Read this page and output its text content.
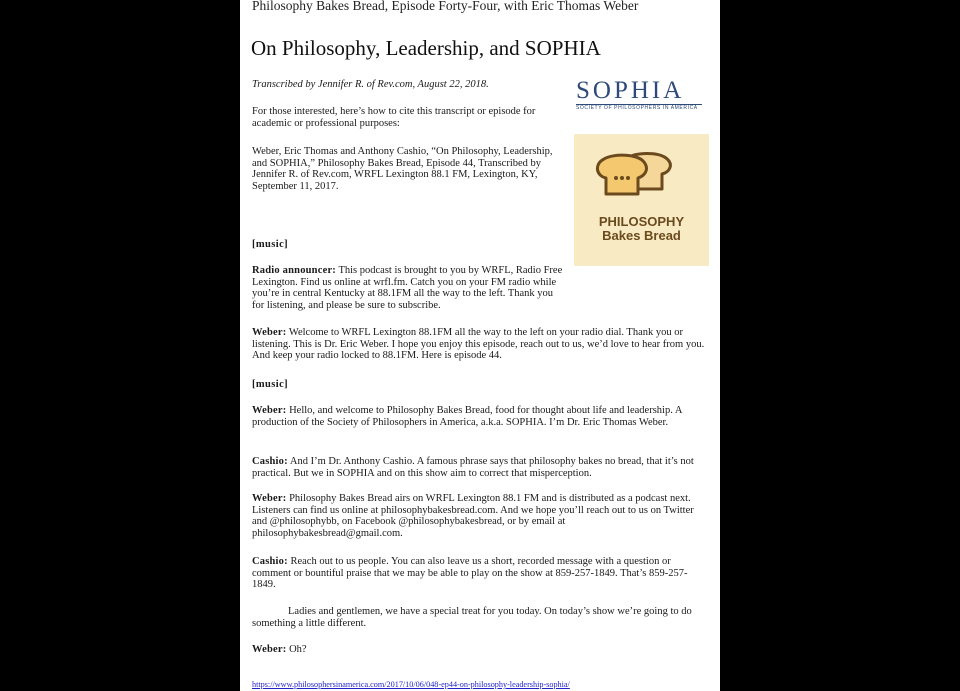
Philosophy Bakes Bread, Episode Forty-Four, with Eric Thomas Weber
On Philosophy, Leadership, and SOPHIA
Transcribed by Jennifer R. of Rev.com, August 22, 2018.
For those interested, here’s how to cite this transcript or episode for academic or professional purposes:
Weber, Eric Thomas and Anthony Cashio, “On Philosophy, Leadership, and SOPHIA,” Philosophy Bakes Bread, Episode 44, Transcribed by Jennifer R. of Rev.com, WRFL Lexington 88.1 FM, Lexington, KY, September 11, 2017.
SOPHIA
SOCIETY OF PHILOSOPHERS IN AMERICA
PHILOSOPHY
Bakes Bread
[music]
Radio announcer: This podcast is brought to you by WRFL, Radio Free Lexington. Find us online at wrfl.fm. Catch you on your FM radio while you’re in central Kentucky at 88.1FM all the way to the left. Thank you for listening, and please be sure to subscribe.
Weber: Welcome to WRFL Lexington 88.1FM all the way to the left on your radio dial. Thank you or listening. This is Dr. Eric Weber. I hope you enjoy this episode, reach out to us, we’d love to hear from you. And keep your radio locked to 88.1FM. Here is episode 44.
[music]
Weber: Hello, and welcome to Philosophy Bakes Bread, food for thought about life and leadership. A production of the Society of Philosophers in America, a.k.a. SOPHIA. I’m Dr. Eric Thomas Weber.
Cashio: And I’m Dr. Anthony Cashio. A famous phrase says that philosophy bakes no bread, that it’s not practical. But we in SOPHIA and on this show aim to correct that misperception.
Weber: Philosophy Bakes Bread airs on WRFL Lexington 88.1 FM and is distributed as a podcast next. Listeners can find us online at philosophybakesbread.com. And we hope you’ll reach out to us on Twitter and @philosophybb, on Facebook @philosophybakesbread, or by email at philosophybakesbread@gmail.com.
Cashio: Reach out to us people. You can also leave us a short, recorded message with a question or comment or bountiful praise that we may be able to play on the show at 859-257-1849. That’s 859-257-1849.
Ladies and gentlemen, we have a special treat for you today. On today’s show we’re going to do something a little different.
Weber: Oh?
https://www.philosophersinamerica.com/2017/10/06/048-ep44-on-philosophy-leadership-sophia/
